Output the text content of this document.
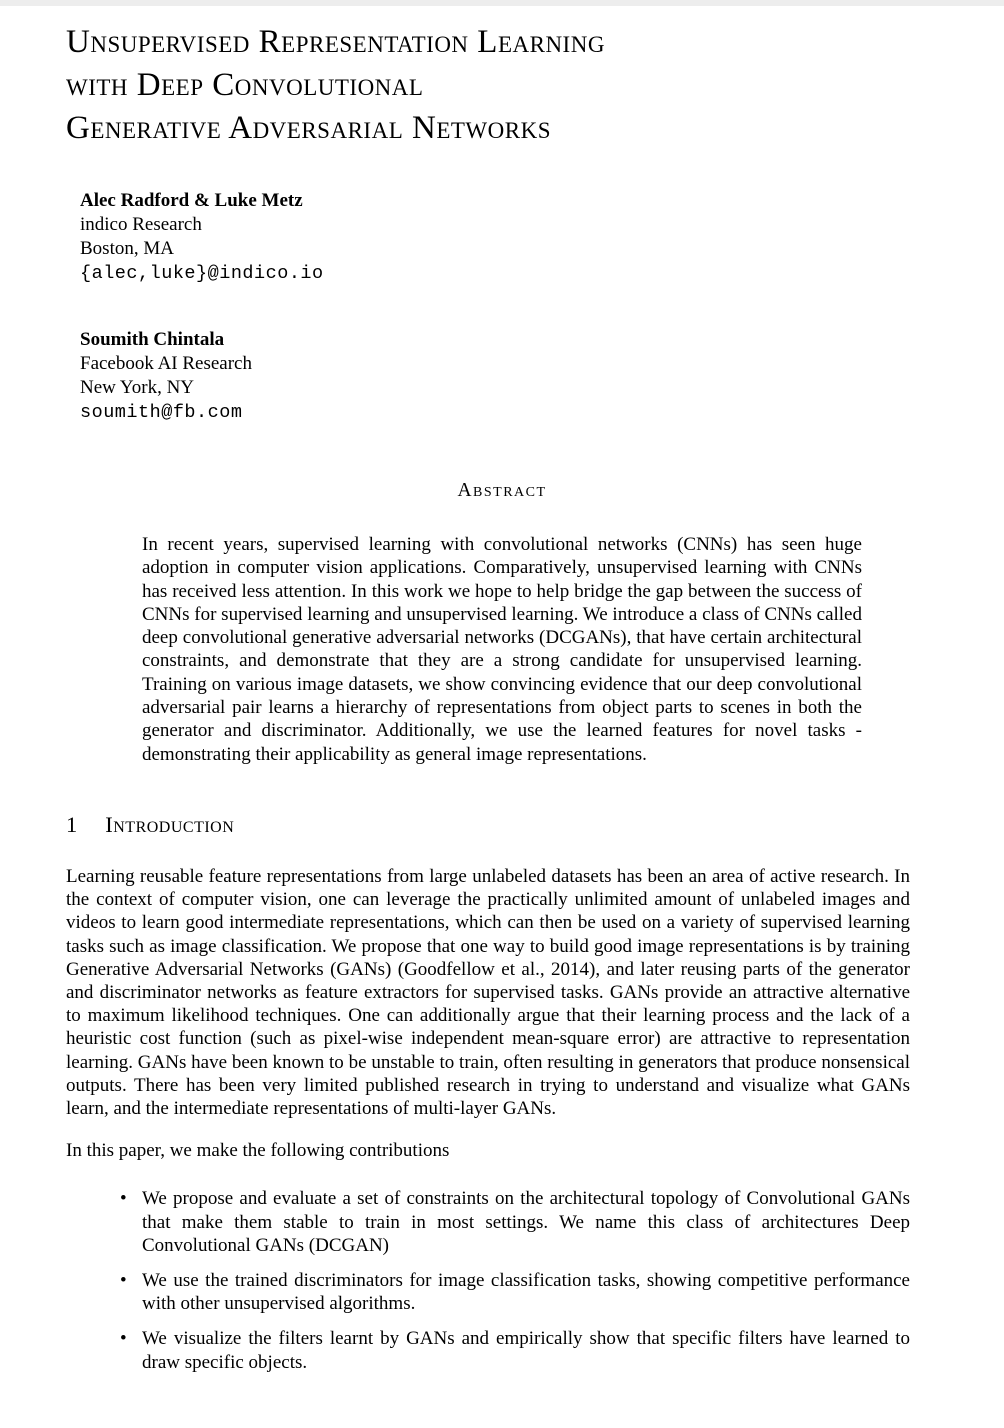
Unsupervised Representation Learning
with Deep Convolutional
Generative Adversarial Networks
Alec Radford & Luke Metz
indico Research
Boston, MA
{alec,luke}@indico.io
Soumith Chintala
Facebook AI Research
New York, NY
soumith@fb.com
Abstract
In recent years, supervised learning with convolutional networks (CNNs) has seen huge adoption in computer vision applications. Comparatively, unsupervised learning with CNNs has received less attention. In this work we hope to help bridge the gap between the success of CNNs for supervised learning and unsupervised learning. We introduce a class of CNNs called deep convolutional generative adversarial networks (DCGANs), that have certain architectural constraints, and demonstrate that they are a strong candidate for unsupervised learning. Training on various image datasets, we show convincing evidence that our deep convolutional adversarial pair learns a hierarchy of representations from object parts to scenes in both the generator and discriminator. Additionally, we use the learned features for novel tasks - demonstrating their applicability as general image representations.
1 Introduction

Learning reusable feature representations from large unlabeled datasets has been an area of active research. In the context of computer vision, one can leverage the practically unlimited amount of unlabeled images and videos to learn good intermediate representations, which can then be used on a variety of supervised learning tasks such as image classification. We propose that one way to build good image representations is by training Generative Adversarial Networks (GANs) (Goodfellow et al., 2014), and later reusing parts of the generator and discriminator networks as feature extractors for supervised tasks. GANs provide an attractive alternative to maximum likelihood techniques. One can additionally argue that their learning process and the lack of a heuristic cost function (such as pixel-wise independent mean-square error) are attractive to representation learning. GANs have been known to be unstable to train, often resulting in generators that produce nonsensical outputs. There has been very limited published research in trying to understand and visualize what GANs learn, and the intermediate representations of multi-layer GANs.

In this paper, we make the following contributions

• We propose and evaluate a set of constraints on the architectural topology of Convolutional GANs that make them stable to train in most settings. We name this class of architectures Deep Convolutional GANs (DCGAN)
• We use the trained discriminators for image classification tasks, showing competitive performance with other unsupervised algorithms.
• We visualize the filters learnt by GANs and empirically show that specific filters have learned to draw specific objects.
